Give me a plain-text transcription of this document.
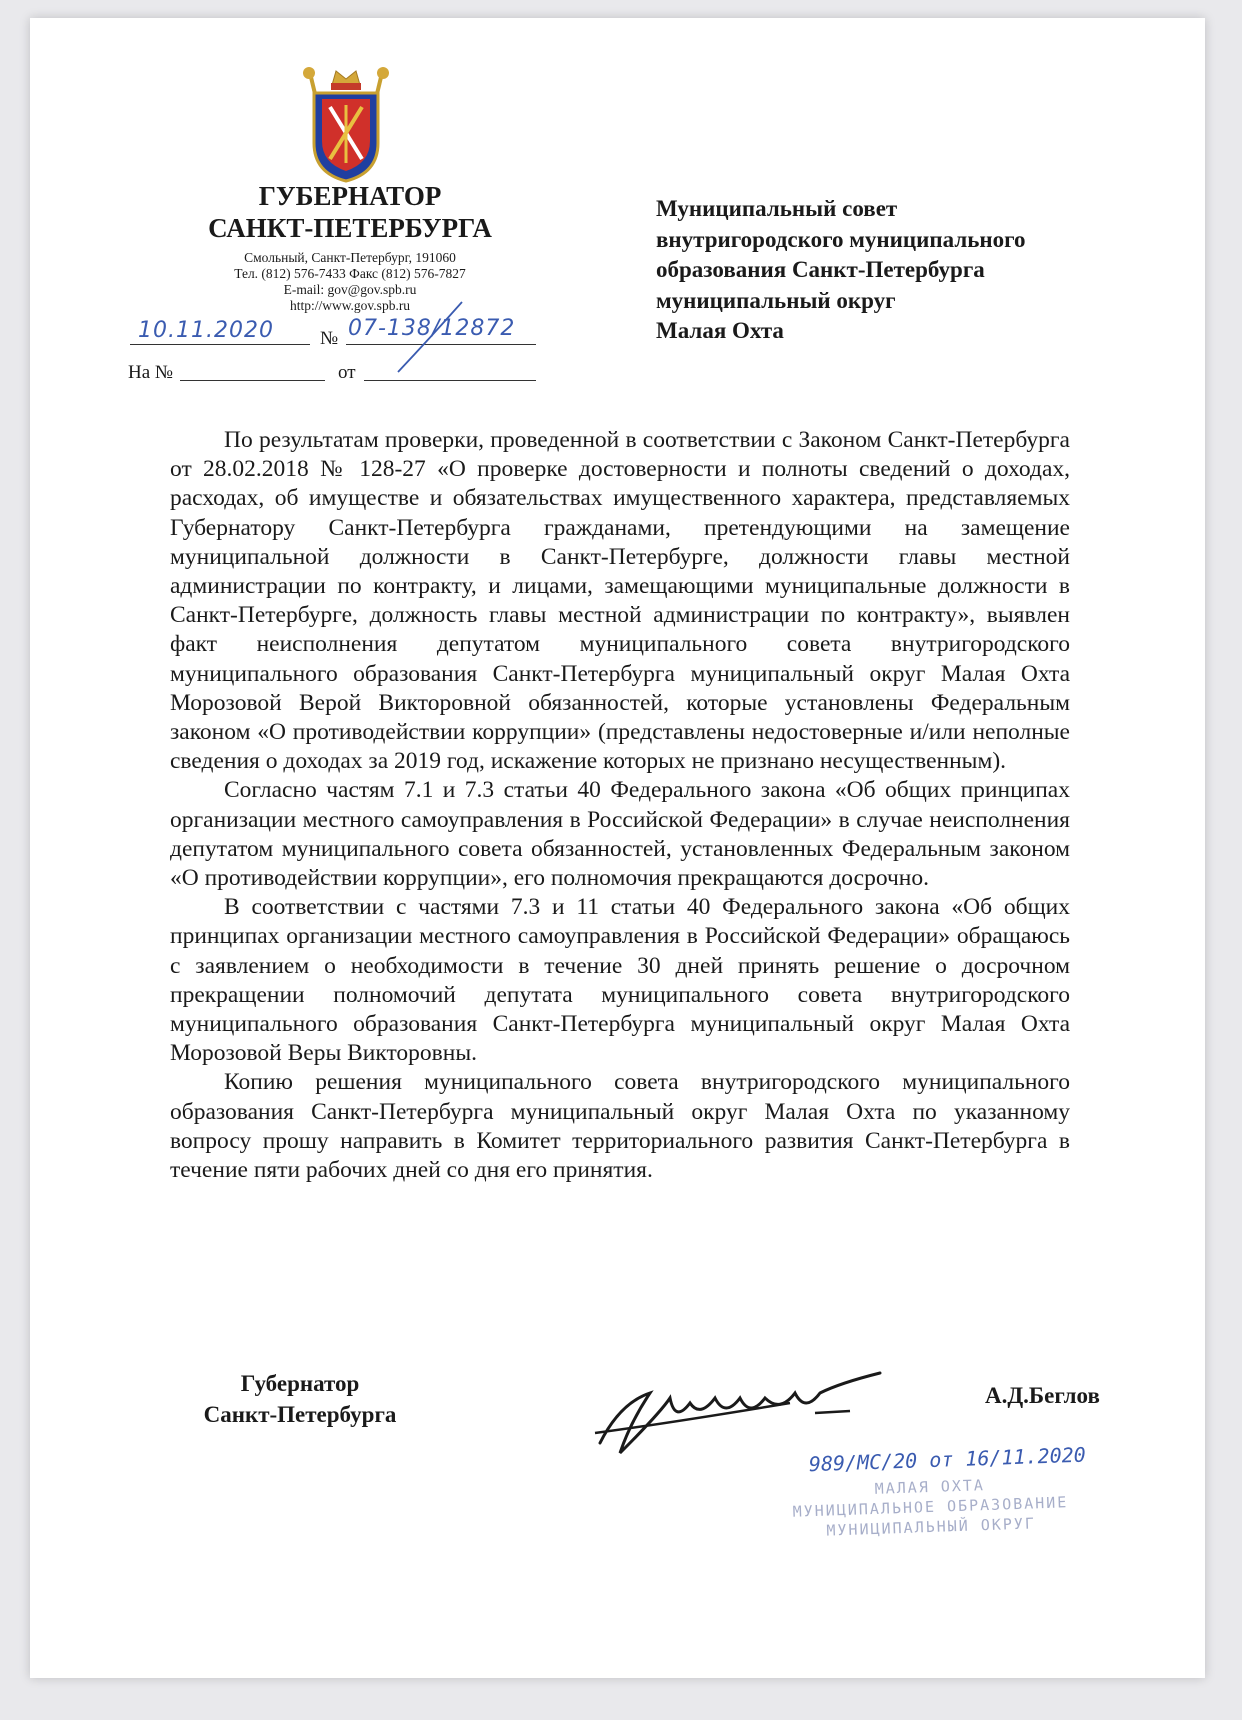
ГУБЕРНАТОР
САНКТ-ПЕТЕРБУРГА
Смольный, Санкт-Петербург, 191060
Тел. (812) 576-7433 Факс (812) 576-7827
E-mail: gov@gov.spb.ru
http://www.gov.spb.ru
10.11.2020 № 07-138/12872
На №	от
Муниципальный совет
внутригородского муниципального
образования Санкт-Петербурга
муниципальный округ
Малая Охта

По результатам проверки, проведенной в соответствии с Законом Санкт-Петербурга от 28.02.2018 № 128-27 «О проверке достоверности и полноты сведений о доходах, расходах, об имуществе и обязательствах имущественного характера, представляемых Губернатору Санкт-Петербурга гражданами, претендующими на замещение муниципальной должности в Санкт-Петербурге, должности главы местной администрации по контракту, и лицами, замещающими муниципальные должности в Санкт-Петербурге, должность главы местной администрации по контракту», выявлен факт неисполнения депутатом муниципального совета внутригородского муниципального образования Санкт-Петербурга муниципальный округ Малая Охта Морозовой Верой Викторовной обязанностей, которые установлены Федеральным законом «О противодействии коррупции» (представлены недостоверные и/или неполные сведения о доходах за 2019 год, искажение которых не признано несущественным).

Согласно частям 7.1 и 7.3 статьи 40 Федерального закона «Об общих принципах организации местного самоуправления в Российской Федерации» в случае неисполнения депутатом муниципального совета обязанностей, установленных Федеральным законом «О противодействии коррупции», его полномочия прекращаются досрочно.

В соответствии с частями 7.3 и 11 статьи 40 Федерального закона «Об общих принципах организации местного самоуправления в Российской Федерации» обращаюсь с заявлением о необходимости в течение 30 дней принять решение о досрочном прекращении полномочий депутата муниципального совета внутригородского муниципального образования Санкт-Петербурга муниципальный округ Малая Охта Морозовой Веры Викторовны.

Копию решения муниципального совета внутригородского муниципального образования Санкт-Петербурга муниципальный округ Малая Охта по указанному вопросу прошу направить в Комитет территориального развития Санкт-Петербурга в течение пяти рабочих дней со дня его принятия.

Губернатор
Санкт-Петербурга
А.Д.Беглов
989/МС/20 от 16/11.2020
МАЛАЯ ОХТА
МУНИЦИПАЛЬНОЕ ОБРАЗОВАНИЕ
МУНИЦИПАЛЬНЫЙ ОКРУГ
